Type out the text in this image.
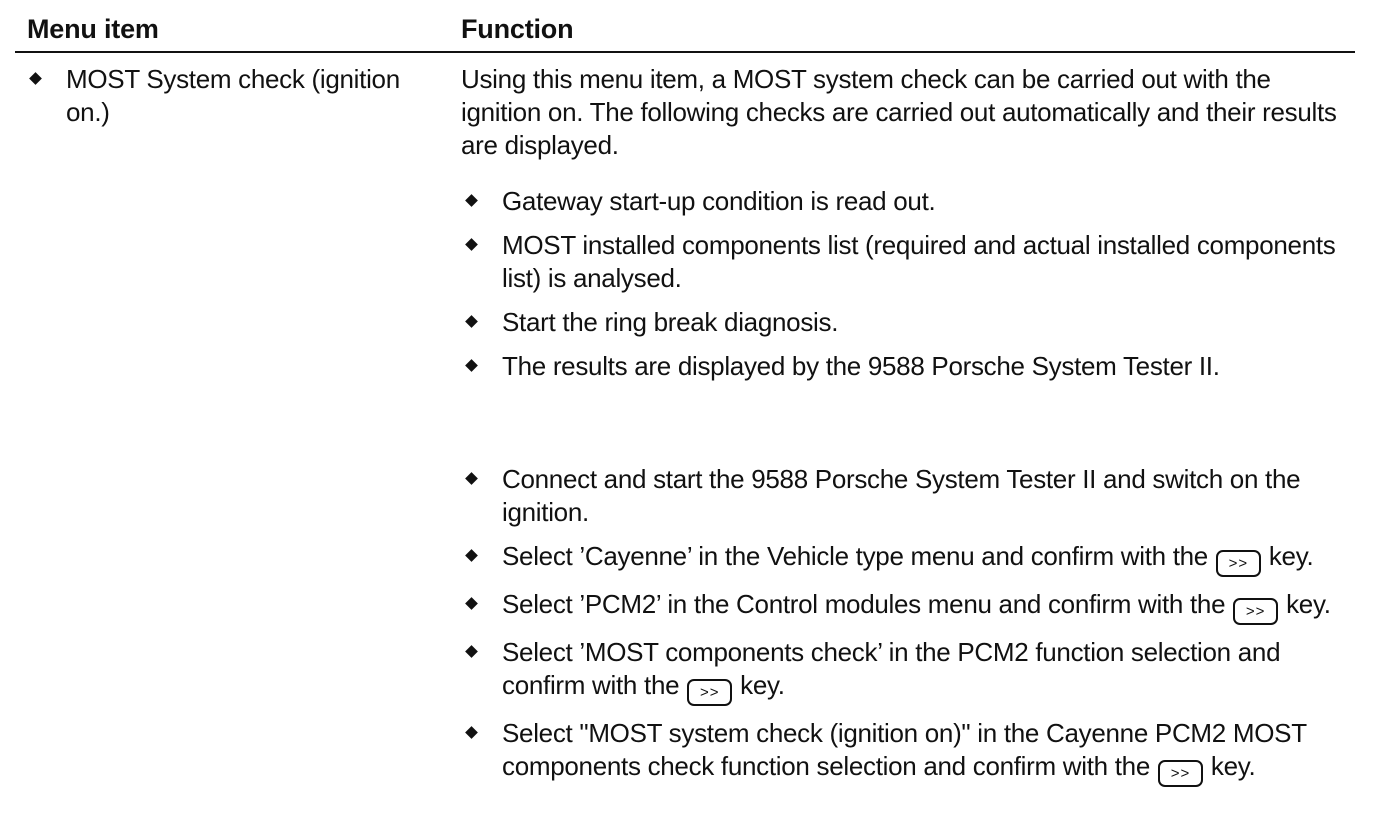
Menu item	Function
MOST System check (ignition on.)
Using this menu item, a MOST system check can be carried out with the ignition on. The following checks are carried out automatically and their results are displayed.
Gateway start-up condition is read out.
MOST installed components list (required and actual installed components list) is analysed.
Start the ring break diagnosis.
The results are displayed by the 9588 Porsche System Tester II.
Connect and start the 9588 Porsche System Tester II and switch on the ignition.
Select ’Cayenne’ in the Vehicle type menu and confirm with the >> key.
Select ’PCM2’ in the Control modules menu and confirm with the >> key.
Select ’MOST components check’ in the PCM2 function selection and confirm with the >> key.
Select "MOST system check (ignition on)" in the Cayenne PCM2 MOST components check function selection and confirm with the >> key.
